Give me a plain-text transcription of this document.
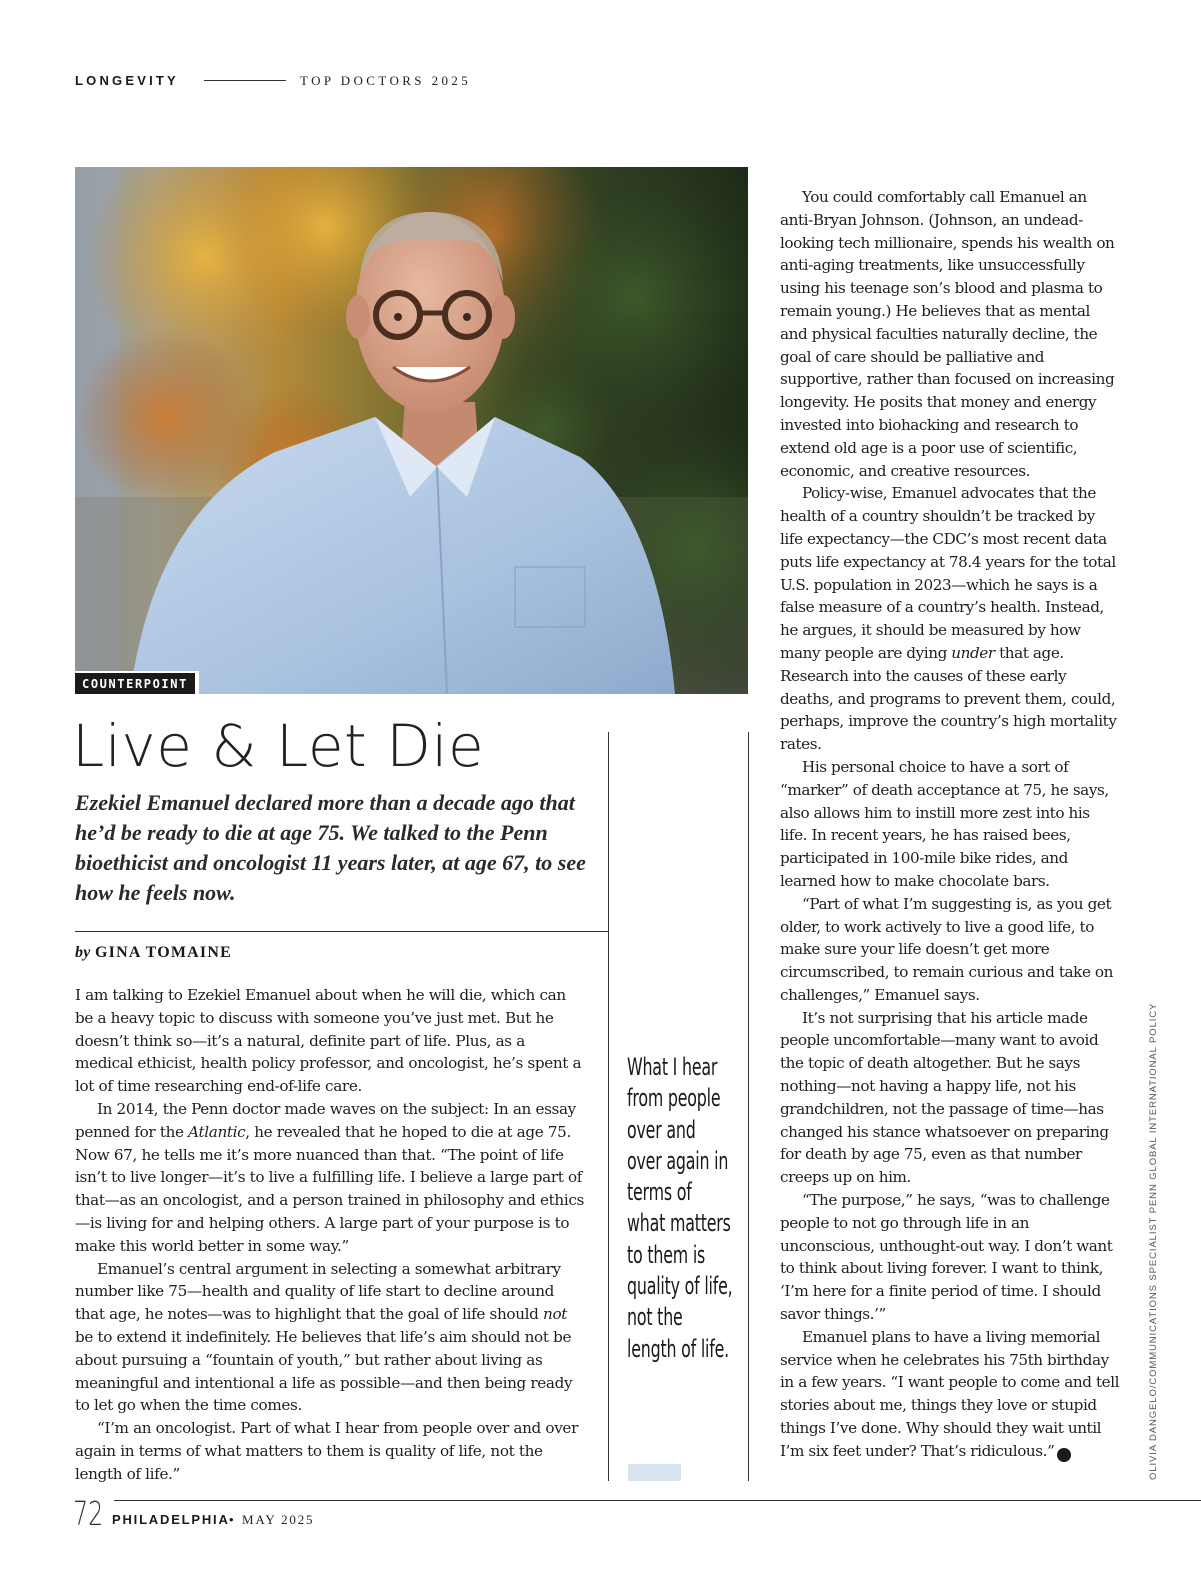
LONGEVITY	TOP DOCTORS 2025
COUNTERPOINT
Live & Let Die
Ezekiel Emanuel declared more than a decade ago that he’d be ready to die at age 75. We talked to the Penn bioethicist and oncologist 11 years later, at age 67, to see how he feels now.
by GINA TOMAINE

I am talking to Ezekiel Emanuel about when he will die, which can be a heavy topic to discuss with someone you’ve just met. But he doesn’t think so—it’s a natural, definite part of life. Plus, as a medical ethicist, health policy professor, and oncologist, he’s spent a lot of time researching end-of-life care.

In 2014, the Penn doctor made waves on the subject: In an essay penned for the Atlantic, he revealed that he hoped to die at age 75. Now 67, he tells me it’s more nuanced than that. “The point of life isn’t to live longer—it’s to live a fulfilling life. I believe a large part of that—as an oncologist, and a person trained in philosophy and ethics—is living for and helping others. A large part of your purpose is to make this world better in some way.”

Emanuel’s central argument in selecting a somewhat arbitrary number like 75—health and quality of life start to decline around that age, he notes—was to highlight that the goal of life should not be to extend it indefinitely. He believes that life’s aim should not be about pursuing a “fountain of youth,” but rather about living as meaningful and intentional a life as possible—and then being ready to let go when the time comes.

“I’m an oncologist. Part of what I hear from people over and over again in terms of what matters to them is quality of life, not the length of life.”

What I hear from people over and over again in terms of what matters to them is quality of life, not the length of life.

You could comfortably call Emanuel an anti-Bryan Johnson. (Johnson, an undead-looking tech millionaire, spends his wealth on anti-aging treatments, like unsuccessfully using his teenage son’s blood and plasma to remain young.) He believes that as mental and physical faculties naturally decline, the goal of care should be palliative and supportive, rather than focused on increasing longevity. He posits that money and energy invested into biohacking and research to extend old age is a poor use of scientific, economic, and creative resources.

Policy-wise, Emanuel advocates that the health of a country shouldn’t be tracked by life expectancy—the CDC’s most recent data puts life expectancy at 78.4 years for the total U.S. population in 2023—which he says is a false measure of a country’s health. Instead, he argues, it should be measured by how many people are dying under that age. Research into the causes of these early deaths, and programs to prevent them, could, perhaps, improve the country’s high mortality rates.

His personal choice to have a sort of “marker” of death acceptance at 75, he says, also allows him to instill more zest into his life. In recent years, he has raised bees, participated in 100-mile bike rides, and learned how to make chocolate bars.

“Part of what I’m suggesting is, as you get older, to work actively to live a good life, to make sure your life doesn’t get more circumscribed, to remain curious and take on challenges,” Emanuel says.

It’s not surprising that his article made people uncomfortable—many want to avoid the topic of death altogether. But he says nothing—not having a happy life, not his grandchildren, not the passage of time—has changed his stance whatsoever on preparing for death by age 75, even as that number creeps up on him.

“The purpose,” he says, “was to challenge people to not go through life in an unconscious, unthought-out way. I don’t want to think about living forever. I want to think, ‘I’m here for a finite period of time. I should savor things.’”

Emanuel plans to have a living memorial service when he celebrates his 75th birthday in a few years. “I want people to come and tell stories about me, things they love or stupid things I’ve done. Why should they wait until I’m six feet under? That’s ridiculous.”	P	OLIVIA DANGELO/COMMUNICATIONS SPECIALIST PENN GLOBAL INTERNATIONAL POLICY
72 PHILADELPHIA • MAY 2025
